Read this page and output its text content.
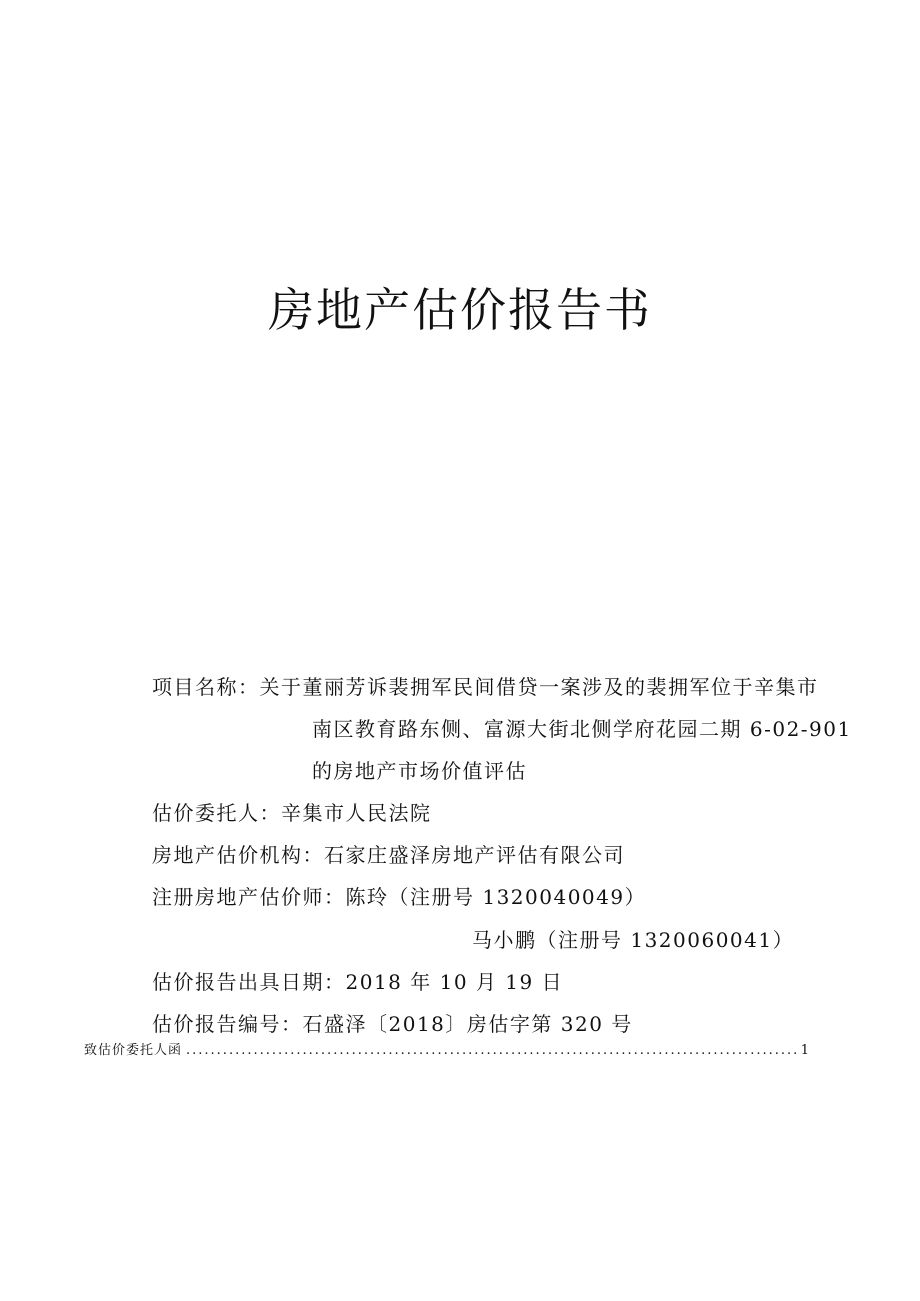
房地产估价报告书
项目名称：关于董丽芳诉裴拥军民间借贷一案涉及的裴拥军位于辛集市
南区教育路东侧、富源大街北侧学府花园二期 6-02-901
的房地产市场价值评估
估价委托人：辛集市人民法院
房地产估价机构：石家庄盛泽房地产评估有限公司
注册房地产估价师：陈玲（注册号 1320040049）
马小鹏（注册号 1320060041）
估价报告出具日期：2018 年 10 月 19 日
估价报告编号：石盛泽〔2018〕房估字第 320 号
致估价委托人函
.....	1
